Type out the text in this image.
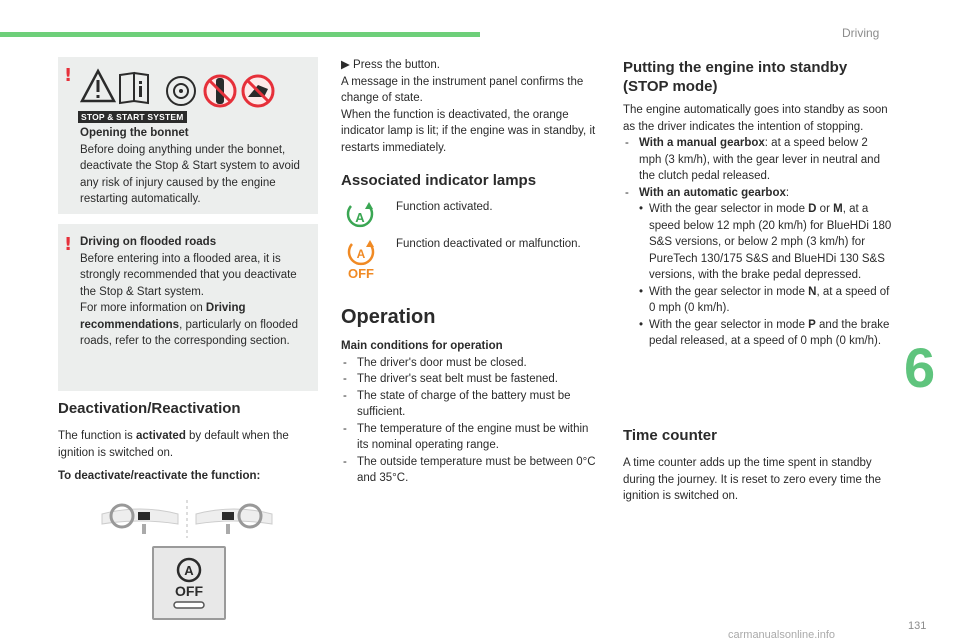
Driving
6
131
carmanualsonline.info
!
STOP & START SYSTEM
Opening the bonnet
Before doing anything under the bonnet, deactivate the Stop & Start system to avoid any risk of injury caused by the engine restarting automatically.
! Driving on flooded roads
Before entering into a flooded area, it is strongly recommended that you deactivate the Stop & Start system.
For more information on Driving recommendations, particularly on flooded roads, refer to the corresponding section.
Deactivation/Reactivation
The function is activated by default when the ignition is switched on.
To deactivate/reactivate the function:
A
OFF
▶ Press the button.
A message in the instrument panel confirms the change of state.
When the function is deactivated, the orange indicator lamp is lit; if the engine was in standby, it restarts immediately.
Associated indicator lamps
A
Function activated.
A
OFF
Function deactivated or malfunction.
Operation
Main conditions for operation
- The driver's door must be closed.
- The driver's seat belt must be fastened.
- The state of charge of the battery must be sufficient.
- The temperature of the engine must be within its nominal operating range.
- The outside temperature must be between 0°C and 35°C.
Putting the engine into standby (STOP mode)
The engine automatically goes into standby as soon as the driver indicates the intention of stopping.
- With a manual gearbox: at a speed below 2 mph (3 km/h), with the gear lever in neutral and the clutch pedal released.
- With an automatic gearbox:
• With the gear selector in mode D or M, at a speed below 12 mph (20 km/h) for BlueHDi 180 S&S versions, or below 2 mph (3 km/h) for PureTech 130/175 S&S and BlueHDi 130 S&S versions, with the brake pedal depressed.
• With the gear selector in mode N, at a speed of 0 mph (0 km/h).
• With the gear selector in mode P and the brake pedal released, at a speed of 0 mph (0 km/h).
Time counter
A time counter adds up the time spent in standby during the journey. It is reset to zero every time the ignition is switched on.
